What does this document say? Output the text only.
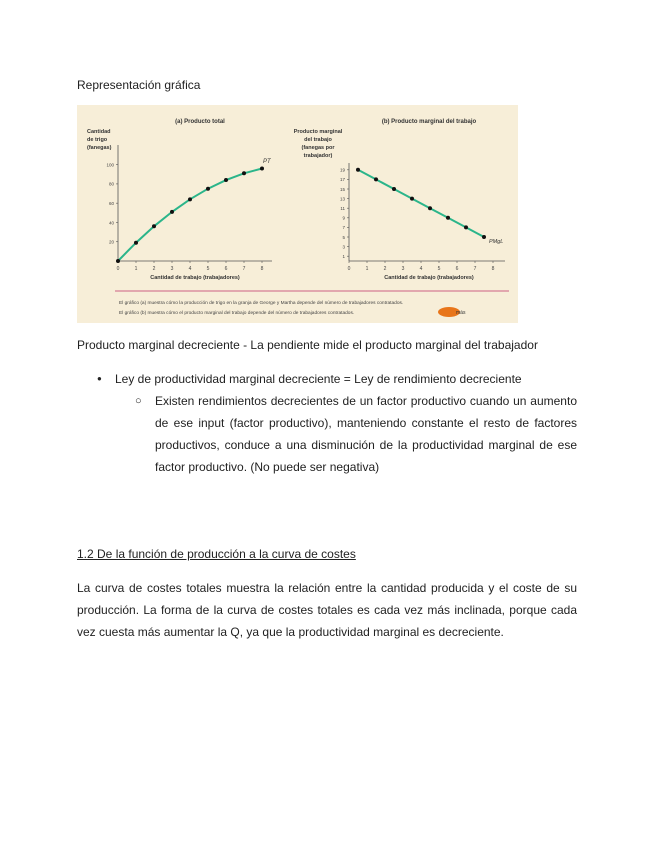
Representación gráfica
(a) Producto total	(b) Producto marginal del trabajo
Cantidad
de trigo
(fanegas)
Producto marginal
del trabajo
(fanegas por
trabajador)
0	1	2	3	4	5	6	7	8
20
40
60
80
100
0	1	2	3	4	5	6	7	8
1
3
5
7
9
11
13
15
17
19
PT
PMgL
Cantidad de trabajo (trabajadores)	Cantidad de trabajo (trabajadores)
El gráfico (a) muestra cómo la producción de trigo en la granja de George y Martha depende del número de trabajadores contratados.
El gráfico (b) muestra cómo el producto marginal del trabajo depende del número de trabajadores contratados.	más
Producto marginal decreciente - La pendiente mide el producto marginal del trabajador
● Ley de productividad marginal decreciente = Ley de rendimiento decreciente
○ Existen rendimientos decrecientes de un factor productivo cuando un aumento de ese input (factor productivo), manteniendo constante el resto de factores productivos, conduce a una disminución de la productividad marginal de ese factor productivo. (No puede ser negativa)
1.2 De la función de producción a la curva de costes
La curva de costes totales muestra la relación entre la cantidad producida y el coste de su producción. La forma de la curva de costes totales es cada vez más inclinada, porque cada vez cuesta más aumentar la Q, ya que la productividad marginal es decreciente.
